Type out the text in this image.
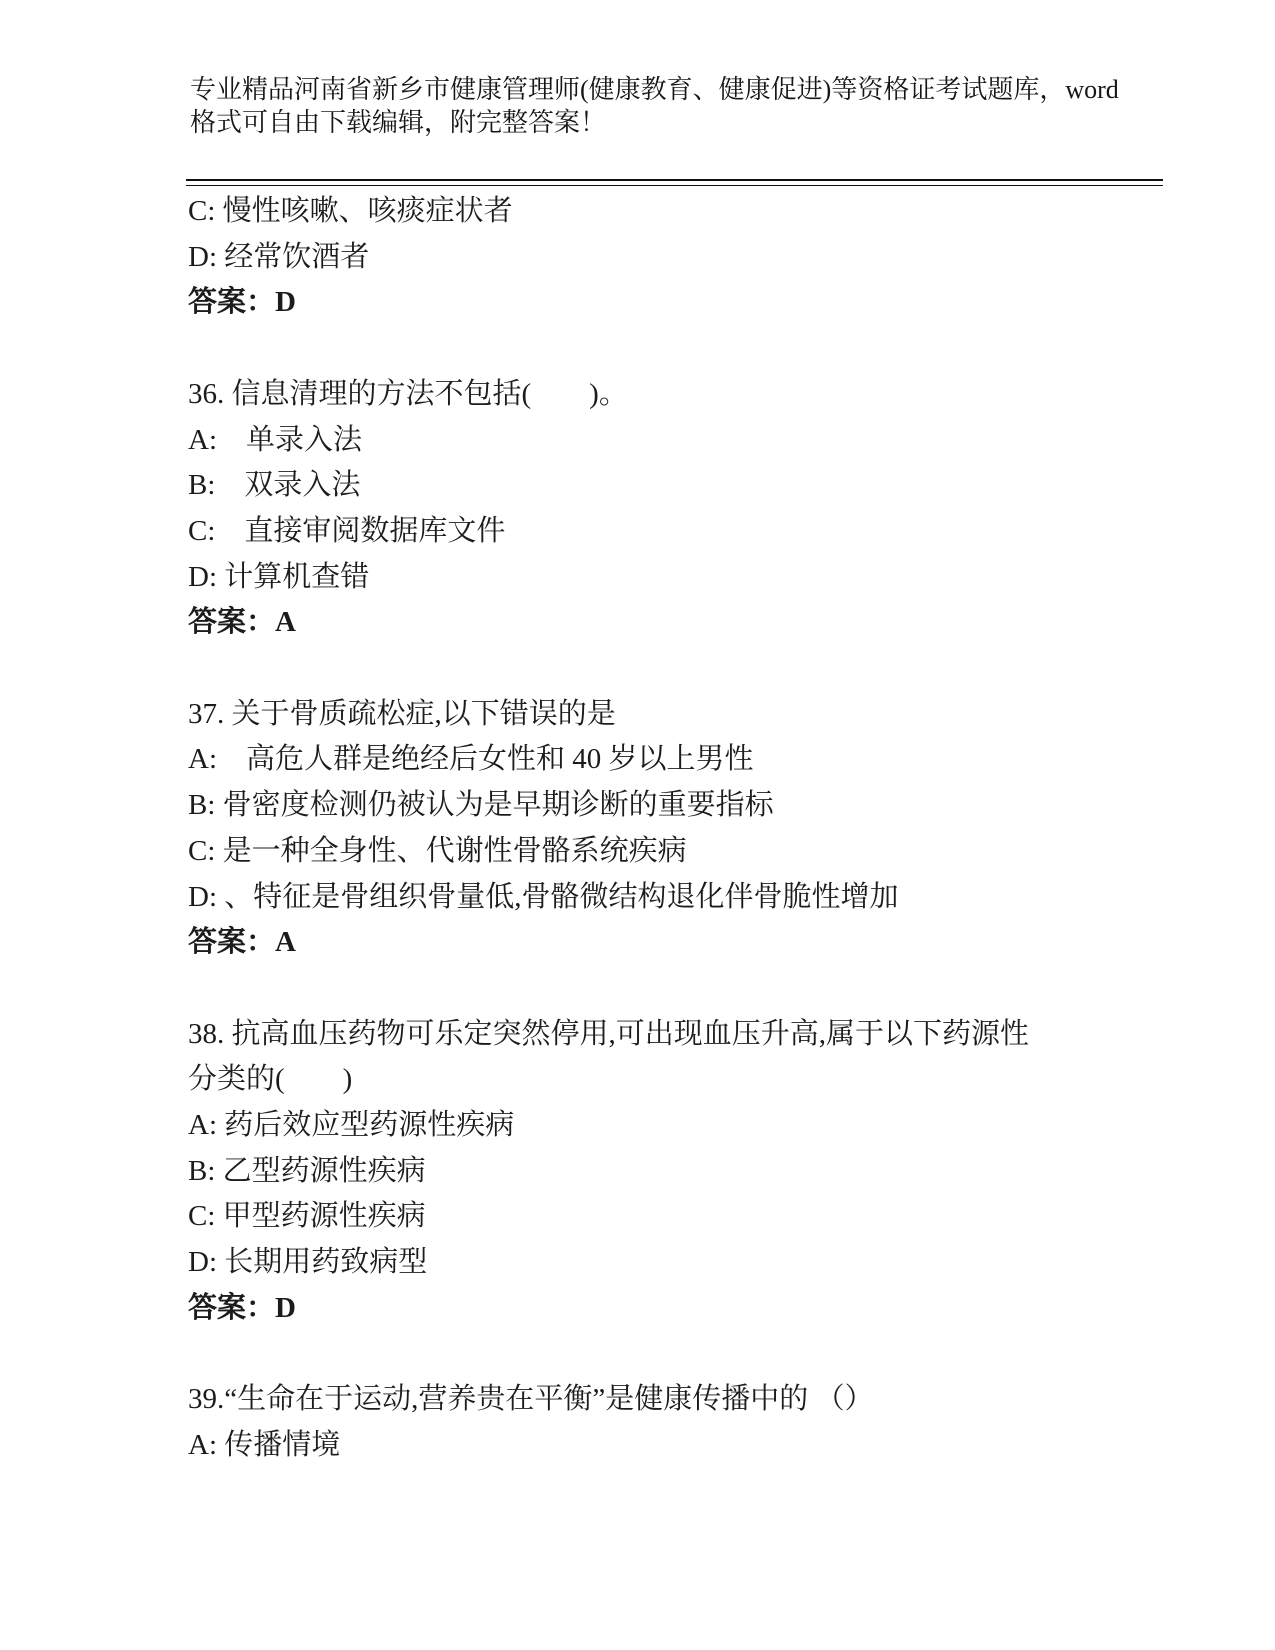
专业精品河南省新乡市健康管理师(健康教育、健康促进)等资格证考试题库，word
格式可自由下载编辑，附完整答案！
C: 慢性咳嗽、咳痰症状者
D: 经常饮酒者
答案：D
36. 信息清理的方法不包括(　　)。
A:　单录入法
B:　双录入法
C:　直接审阅数据库文件
D: 计算机查错
答案：A
37. 关于骨质疏松症,以下错误的是
A:　高危人群是绝经后女性和 40 岁以上男性
B: 骨密度检测仍被认为是早期诊断的重要指标
C: 是一种全身性、代谢性骨骼系统疾病
D: 、特征是骨组织骨量低,骨骼微结构退化伴骨脆性增加
答案：A
38. 抗高血压药物可乐定突然停用,可出现血压升高,属于以下药源性
分类的(　　)
A: 药后效应型药源性疾病
B: 乙型药源性疾病
C: 甲型药源性疾病
D: 长期用药致病型
答案：D
39.“生命在于运动,营养贵在平衡”是健康传播中的 （）
A: 传播情境
